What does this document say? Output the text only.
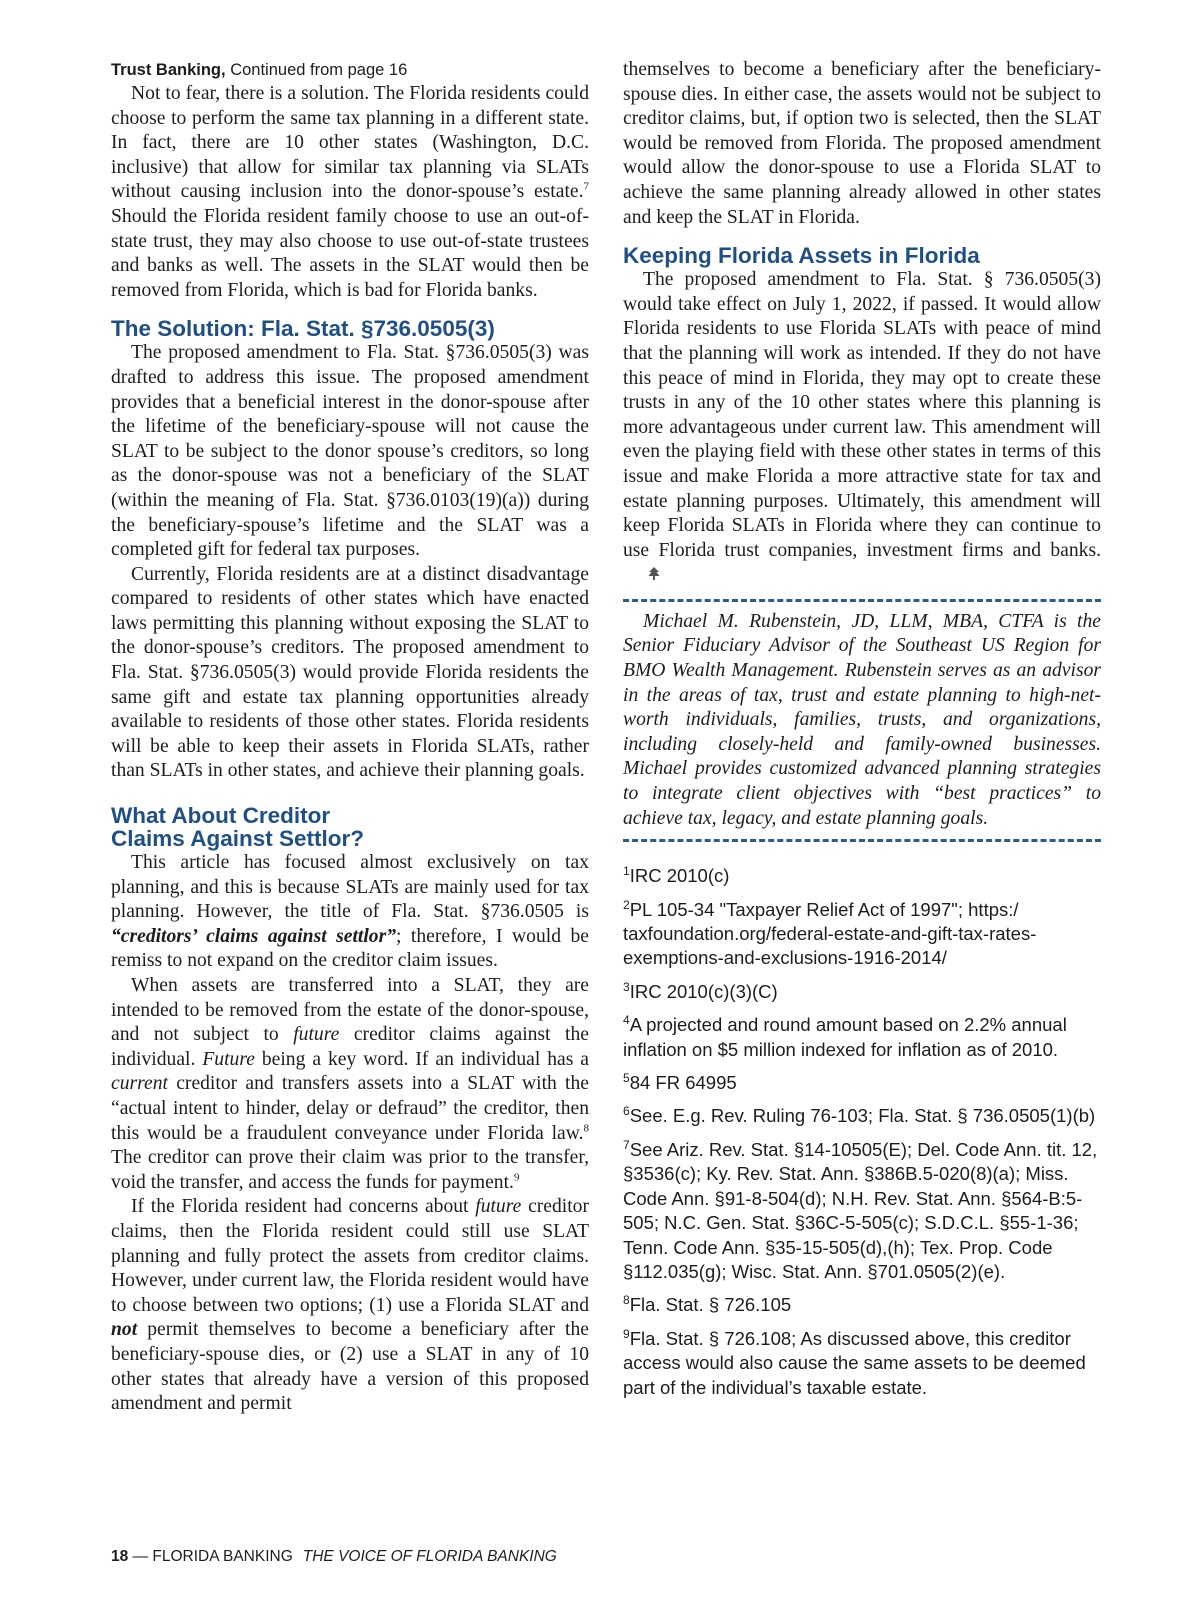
Trust Banking, Continued from page 16

Not to fear, there is a solution. The Florida residents could choose to perform the same tax planning in a different state. In fact, there are 10 other states (Washington, D.C. inclusive) that allow for similar tax planning via SLATs without causing inclusion into the donor-spouse’s estate.$^7$ Should the Florida resident family choose to use an out-of-state trust, they may also choose to use out-of-state trustees and banks as well. The assets in the SLAT would then be removed from Florida, which is bad for Florida banks.

The Solution: Fla. Stat. §736.0505(3)

The proposed amendment to Fla. Stat. §736.0505(3) was drafted to address this issue. The proposed amendment provides that a beneficial interest in the donor-spouse after the lifetime of the beneficiary-spouse will not cause the SLAT to be subject to the donor spouse’s creditors, so long as the donor-spouse was not a beneficiary of the SLAT (within the meaning of Fla. Stat. §736.0103(19)(a)) during the beneficiary-spouse’s lifetime and the SLAT was a completed gift for federal tax purposes.

Currently, Florida residents are at a distinct disadvantage compared to residents of other states which have enacted laws permitting this planning without exposing the SLAT to the donor-spouse’s creditors. The proposed amendment to Fla. Stat. §736.0505(3) would provide Florida residents the same gift and estate tax planning opportunities already available to residents of those other states. Florida residents will be able to keep their assets in Florida SLATs, rather than SLATs in other states, and achieve their planning goals.

What About Creditor
Claims Against Settlor?

This article has focused almost exclusively on tax planning, and this is because SLATs are mainly used for tax planning. However, the title of Fla. Stat. §736.0505 is “creditors’ claims against settlor”; therefore, I would be remiss to not expand on the creditor claim issues.

When assets are transferred into a SLAT, they are intended to be removed from the estate of the donor-spouse, and not subject to future creditor claims against the individual. Future being a key word. If an individual has a current creditor and transfers assets into a SLAT with the “actual intent to hinder, delay or defraud” the creditor, then this would be a fraudulent conveyance under Florida law.$^8$ The creditor can prove their claim was prior to the transfer, void the transfer, and access the funds for payment.$^9$

If the Florida resident had concerns about future creditor claims, then the Florida resident could still use SLAT planning and fully protect the assets from creditor claims. However, under current law, the Florida resident would have to choose between two options; (1) use a Florida SLAT and not permit themselves to become a beneficiary after the beneficiary-spouse dies, or (2) use a SLAT in any of 10 other states that already have a version of this proposed amendment and permit

themselves to become a beneficiary after the beneficiary-spouse dies. In either case, the assets would not be subject to creditor claims, but, if option two is selected, then the SLAT would be removed from Florida. The proposed amendment would allow the donor-spouse to use a Florida SLAT to achieve the same planning already allowed in other states and keep the SLAT in Florida.

Keeping Florida Assets in Florida

The proposed amendment to Fla. Stat. § 736.0505(3) would take effect on July 1, 2022, if passed. It would allow Florida residents to use Florida SLATs with peace of mind that the planning will work as intended. If they do not have this peace of mind in Florida, they may opt to create these trusts in any of the 10 other states where this planning is more advantageous under current law. This amendment will even the playing field with these other states in terms of this issue and make Florida a more attractive state for tax and estate planning purposes. Ultimately, this amendment will keep Florida SLATs in Florida where they can continue to use Florida trust companies, investment firms and banks.

Michael M. Rubenstein, JD, LLM, MBA, CTFA is the Senior Fiduciary Advisor of the Southeast US Region for BMO Wealth Management. Rubenstein serves as an advisor in the areas of tax, trust and estate planning to high-net-worth individuals, families, trusts, and organizations, including closely-held and family-owned businesses. Michael provides customized advanced planning strategies to integrate client objectives with “best practices” to achieve tax, legacy, and estate planning goals.

$^1$IRC 2010(c)

$^2$PL 105-34 "Taxpayer Relief Act of 1997"; https:/ taxfoundation.org/federal-estate-and-gift-tax-rates-exemptions-and-exclusions-1916-2014/

$^3$IRC 2010(c)(3)(C)

$^4$A projected and round amount based on 2.2% annual inflation on $5 million indexed for inflation as of 2010.

$^5$84 FR 64995

$^6$See. E.g. Rev. Ruling 76-103; Fla. Stat. § 736.0505(1)(b)

$^7$See Ariz. Rev. Stat. §14-10505(E); Del. Code Ann. tit. 12, §3536(c); Ky. Rev. Stat. Ann. §386B.5-020(8)(a); Miss. Code Ann. §91-8-504(d); N.H. Rev. Stat. Ann. §564-B:5-505; N.C. Gen. Stat. §36C-5-505(c); S.D.C.L. §55-1-36; Tenn. Code Ann. §35-15-505(d),(h); Tex. Prop. Code §112.035(g); Wisc. Stat. Ann. §701.0505(2)(e).

$^8$Fla. Stat. § 726.105

$^9$Fla. Stat. § 726.108; As discussed above, this creditor access would also cause the same assets to be deemed part of the individual’s taxable estate.

18 — FLORIDA BANKING THE VOICE OF FLORIDA BANKING
